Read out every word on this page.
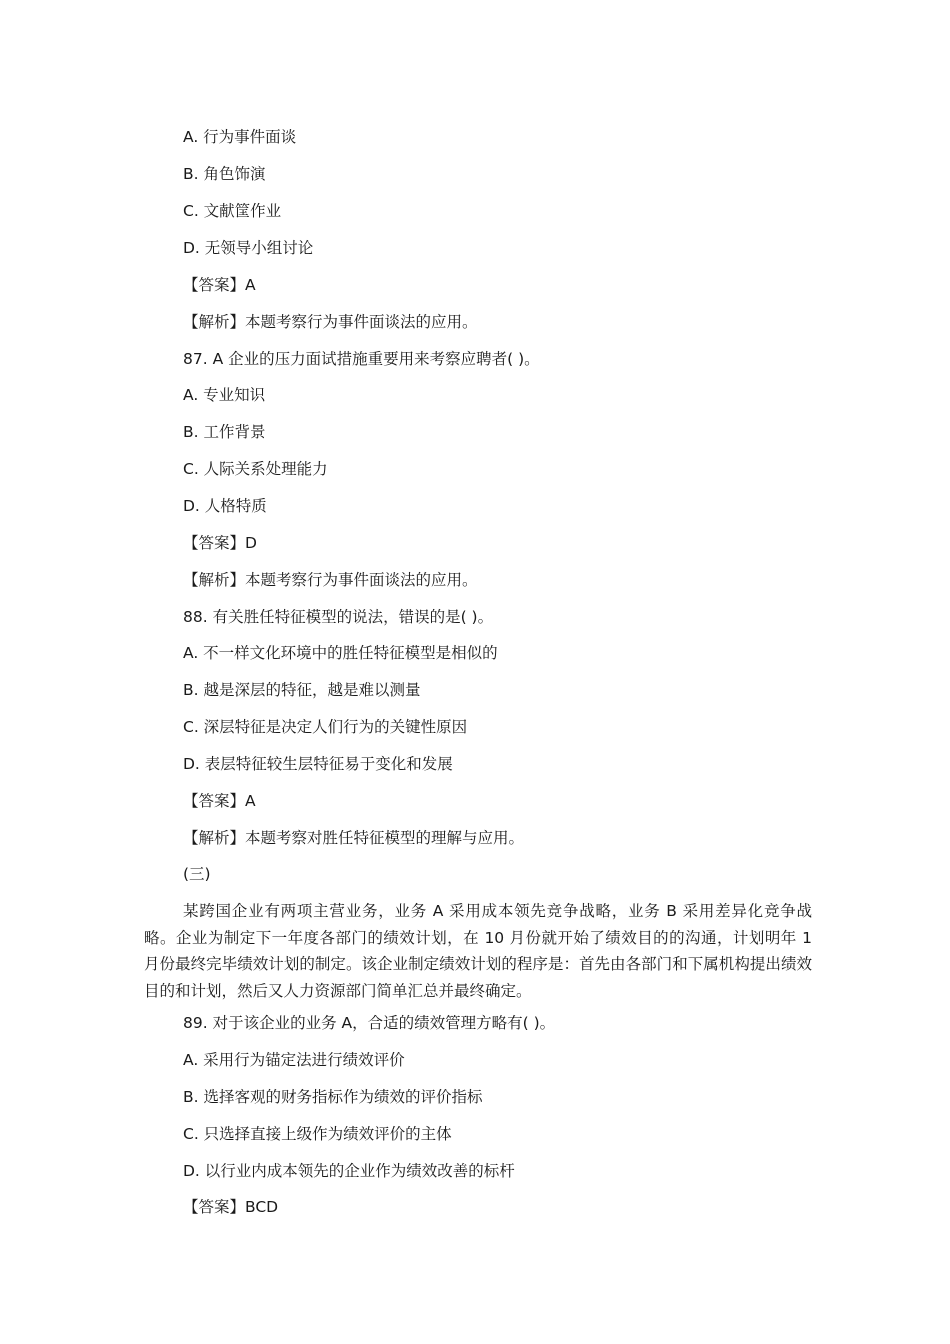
A. 行为事件面谈
B. 角色饰演
C. 文献筐作业
D. 无领导小组讨论
【答案】A
【解析】本题考察行为事件面谈法的应用。
87. A 企业的压力面试措施重要用来考察应聘者( )。
A. 专业知识
B. 工作背景
C. 人际关系处理能力
D. 人格特质
【答案】D
【解析】本题考察行为事件面谈法的应用。
88. 有关胜任特征模型的说法，错误的是( )。
A. 不一样文化环境中的胜任特征模型是相似的
B. 越是深层的特征，越是难以测量
C. 深层特征是决定人们行为的关键性原因
D. 表层特征较生层特征易于变化和发展
【答案】A
【解析】本题考察对胜任特征模型的理解与应用。
(三)
某跨国企业有两项主营业务，业务 A 采用成本领先竞争战略，业务 B 采用差异化竞争战略。企业为制定下一年度各部门的绩效计划，在 10 月份就开始了绩效目的的沟通，计划明年 1 月份最终完毕绩效计划的制定。该企业制定绩效计划的程序是：首先由各部门和下属机构提出绩效目的和计划，然后又人力资源部门简单汇总并最终确定。
89. 对于该企业的业务 A，合适的绩效管理方略有( )。
A. 采用行为锚定法进行绩效评价
B. 选择客观的财务指标作为绩效的评价指标
C. 只选择直接上级作为绩效评价的主体
D. 以行业内成本领先的企业作为绩效改善的标杆
【答案】BCD
